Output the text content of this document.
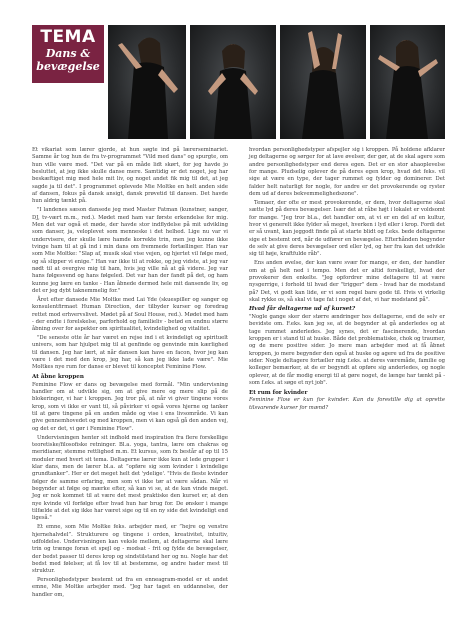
TEMA
Dans & bevægelse

Et vikariat som lærer gjorde, at hun søgte ind på lærerseminariet. Samme år tog hun de fra tv-programmet "Vild med dans" og spurgte, om hun ville være med. "Det var på en måde lidt skørt, for jeg havde jo besluttet, at jeg ikke skulle danse mere. Samtidig er det noget, jeg har beskæftiget mig med hele mit liv, og noget andet fik mig til det, at jeg sagde ja til det". I programmet oplevede Mie Moltke en helt anden side af dansen, fokus på dansk ansigt, dansk prøvetid til dansen. Det havde hun aldrig tænkt på.

"I landenes sæson dansede jeg med Master Fatman (kunstner, sanger, DJ, tv-vært m.m., red.). Mødet med ham var første erkendelse for mig. Men det var også et møde, der havde stor indflydelse på mit udvikling som danser, ja, veloplevet som menneske i det helhed. Lige nu var vi undervisere, der skulle lære hamde korrekte trin, men jeg kunne ikke tvinge ham til at gå ind i min dans om fremmede fortællinger. Han var som Mie Moltke: ”Slap af, musik skal vise vejen, og hjertet vil følge med, og så slipper vi enige.” Han var ikke til at rokke, og jeg vidste, at jeg var nødt til at overgive mig til ham, hvis jeg ville nå at gå videre. Jeg var hans følgesvend og hans følgeled. Det var han der fandt på det, og ham kunne jeg lære en tanke - Han åbnede dermed hele mit dansende liv, og det er jeg dybt taknemmelig for."

Året efter dansede Mie Moltke med Lai Yde (skuespiller og sanger og konsulentfirmaet Human Direction, der tilbyder kurser og foredrag rettet mod erhvervslivet. Mødet på af Soul House, red.). Mødet med ham - der endte i forelskelse, parforhold og familieliv - betød en endnu større åbning over for aspekter om spiritualitet, kvindelighed og vitalitet.

"De seneste otte år har været en rejse ind i et kvindeligt og spirituelt univers, som har hjulpet mig til at genfinde og genvinde min kærlighed til dansen. Jeg har lært, at når dansen kan have en facon, hvor jeg kan være i det med den krop, jeg har, så kan jeg ikke lade være". Mie Moltkes nye rum for danse er blevet til konceptet Feminine Flow.

At åbne kroppen

Feminine Flow er dans og bevægelse med formål. "Min undervisning handler om at udvikle sig, om at give mere og mere slip på de blokeringer, vi har i kroppen. Jeg tror på, at når vi giver tingene vores krop, som vi ikke er vant til, så påvirker vi også vores hjerne og tanker til at gøre tingene på en anden måde og vise i ens livsområde. Vi kan give gennemhovedet og med kroppen, men vi kan også gå den anden vej, og det er det, vi gør i Feminine Flow".

Undervisningen henter sit indhold med inspiration fra flere forskellige teoretiske/filosofiske retninger. Bl.a. yoga, tantra, lære om chakras og meridianer, stemme rettlighed m.m. Et kursus, som fx består af op til 15 moduler med hvert sit tema. Deltagerne lærer ikke kun at lede grupper i klar dans, men de lærer bl.a. at ”opføre sig som kvinder i kvindelige grundtanker”. Her er det meget helt det 'ydelige'. "Hvis de fleste kvinder følger de samme erfaring, men som vi ikke tør at være sådan. Når vi begynder at følge og mærke efter, så kan vi se, at de kan vinde meget. Jeg er nok kommet til at være det mest praktiske den kurset er, at den nye kvinde vil forfølge efter hvad hun har brug for. De ønsker i mange tilfælde at det sig ikke har været sige og til en ny side det kvindeligt end ligeså."

Et emne, som Mie Moltke feks. arbejder med, er ”hejre og venstre hjernehalvdel”. Strukturere og tingene i orden, kreativitet, intuitiv, udfoldelse. Undervisningen kan veksle mellem, at deltagerne skal lære trin og trænge foran et spejl og - modsat - frit og fylde de bevægelser, der bedst passer til deres krop og sindstilstand her og nu. Nogle har det bedst med følelser, at få lov til at bestemme, og andre hader mest til struktur.

Personlighedstyper bestemt ud fra en enneagram-model er et andet emne, Mie Moltke arbejder med. "Jeg har taget en uddannelse, der handler om,

hvordan personlighedstyper afspejler sig i kroppen. På holdene afklarer jeg deltagerne og sørger for at lave øvelser, der gør, at de skal agere som andre personlighedstyper end deres egen. Det er en stor ahaoplevelse for mange. Pludselig oplever de på deres egen krop, hvad det feks. vil sige at være en type, der tager rummet og fylder og dominerer. Det falder helt naturligt for nogle, for andre er det provokerende og ryster dem ud af deres bekvemmelighedszone".

Temaer, der ofte er mest provokerende, er dem, hvor deltagerne skal sætte lyd på deres bevægelser. Især det at råbe højt i lokalet er voldsomt for mange. "Jeg tror bl.a., det handler om, at vi er en del af en kultur, hvor vi generelt ikke fylder så meget, hverken i lyd eller i krop. Fordi det er så uvant, kan jeggodt finde på at starte blidt og f.eks. bede deltagerne sige et bestemt ord, når de udfører en bevægelse. Efterhånden begynder de selv at give deres bevægelser ord eller lyd, og her fra kan det udvikle sig til høje, kraftfulde råb".

Ens anden øvelse, der kan være svær for mange, er den, der handler om at gå helt ned i tempo. Men det er altid forskelligt, hvad der provokerer den enkelte. "Jeg opfordrer mine deltagere til at være nysgerrige, i forhold til hvad der "trigger" dem - hvad har de modstand på? Det, vi godt kan lide, er vi som regel bare gode til. Hvis vi virkelig skal rykke os, så skal vi tage fat i noget af det, vi har modstand på".

Hvad får deltagerne ud af kurset?

"Nogle gange sker der større ændringer hos deltagerne, end de selv er bevidste om. F.eks. kan jeg se, at de begynder at gå anderledes og at tage rummet anderledes. Jeg synes, det er fascinerende, hvordan kroppen er i stand til at huske. Både det problematiske, chok og traumer, og de mere positive sider. Jo mere man arbejder med at få åbnet kroppen, jo mere begynder den også at huske og agere ud fra de positive sider. Nogle deltagere fortæller mig f.eks. at deres væremåde, familie og kolleger bemærker, at de er begyndt at opføre sig anderledes, og nogle oplever, at de får modig energi til at gøre noget, de længe har tænkt på - som f.eks. at søge et nyt job".

Et rum for kvinder

Feminine Flow er kun for kvinder. Kan du forestille dig at oprette tilsvarende kurser for mænd?
